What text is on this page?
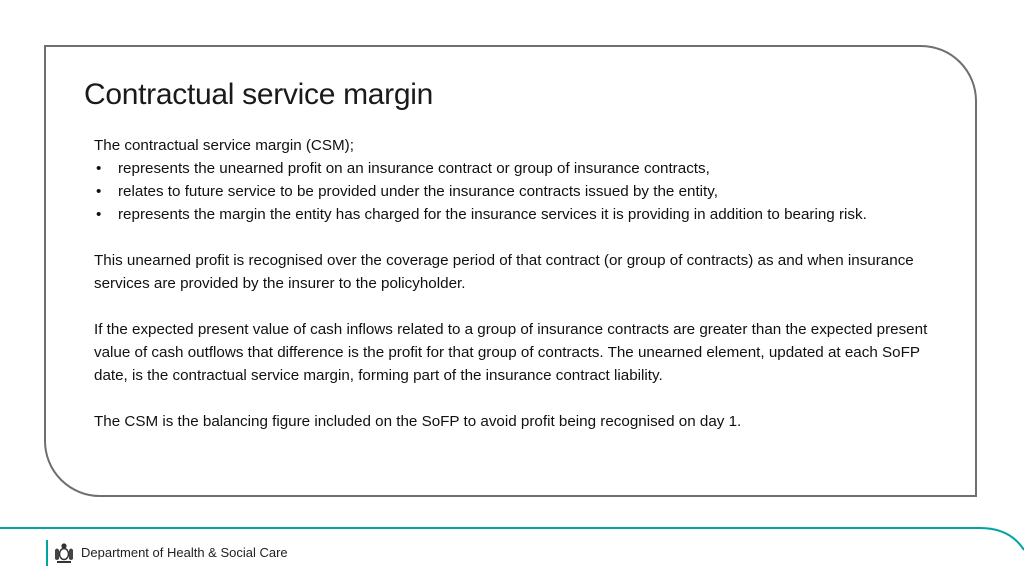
Contractual service margin

The contractual service margin (CSM);

• represents the unearned profit on an insurance contract or group of insurance contracts,
• relates to future service to be provided under the insurance contracts issued by the entity,
• represents the margin the entity has charged for the insurance services it is providing in addition to bearing risk.

This unearned profit is recognised over the coverage period of that contract (or group of contracts) as and when insurance services are provided by the insurer to the policyholder.

If the expected present value of cash inflows related to a group of insurance contracts are greater than the expected present value of cash outflows that difference is the profit for that group of contracts. The unearned element, updated at each SoFP date, is the contractual service margin, forming part of the insurance contract liability.

The CSM is the balancing figure included on the SoFP to avoid profit being recognised on day 1.

Department of Health & Social Care
